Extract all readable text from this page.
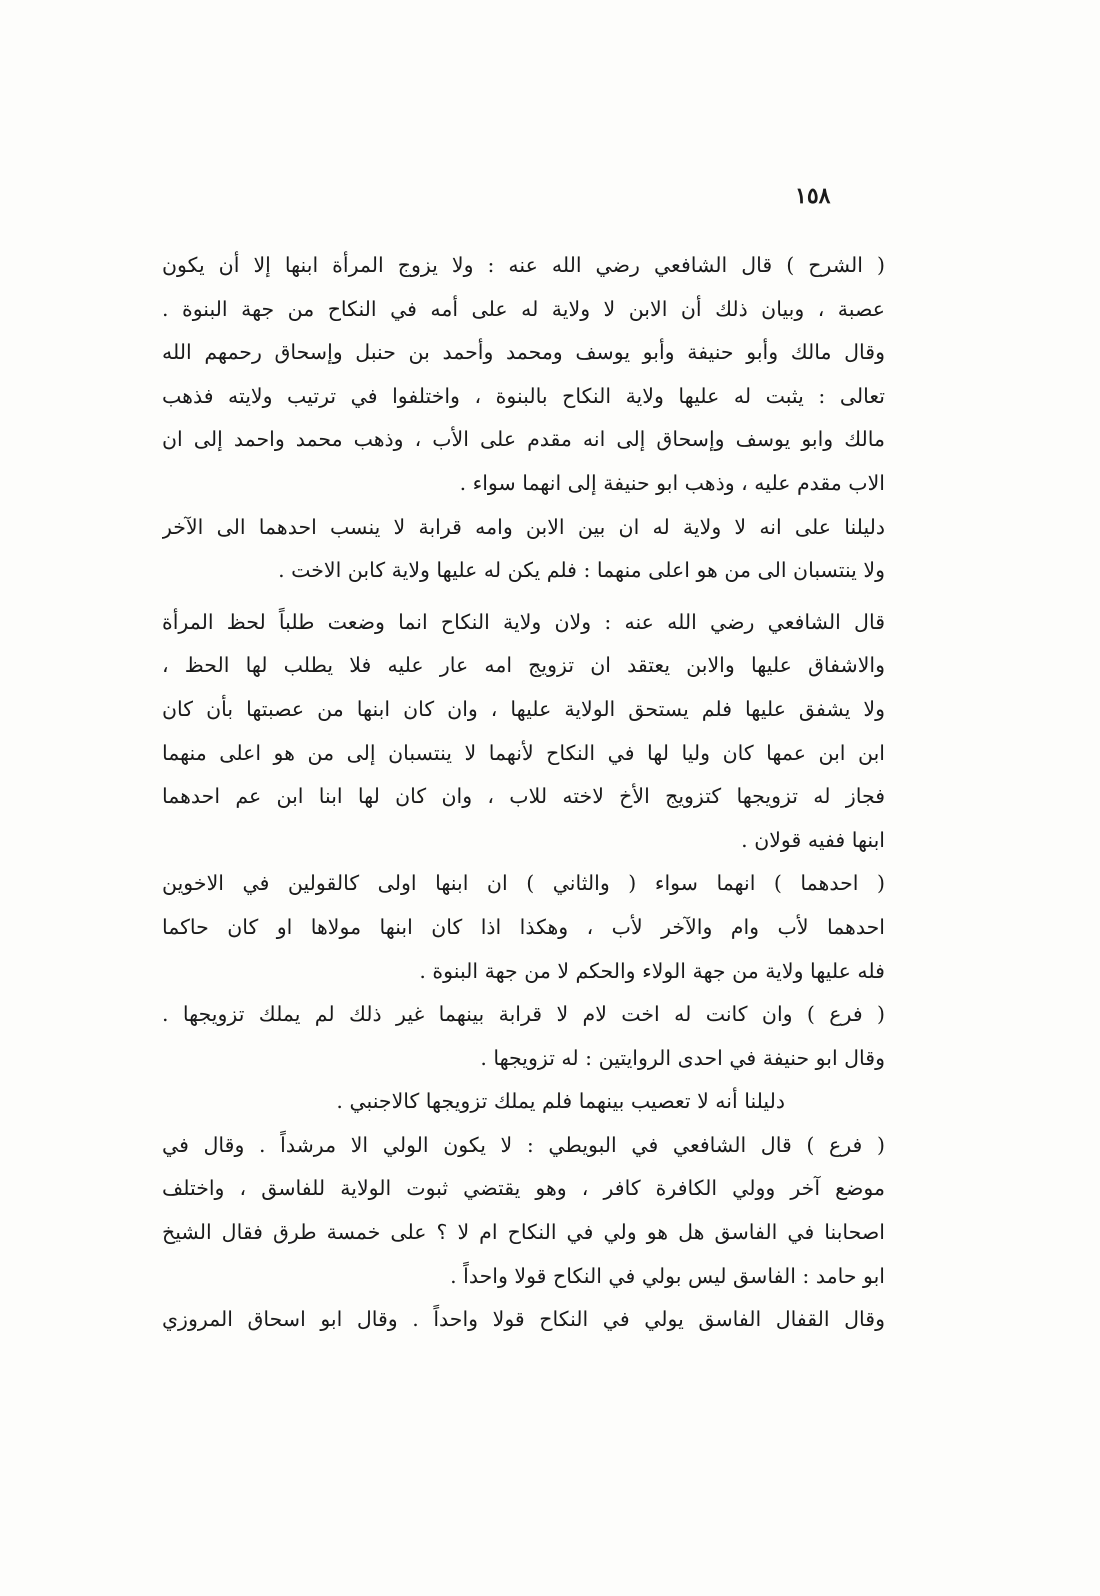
١٥٨
( الشرح ) قال الشافعي رضي الله عنه : ولا يزوج المرأة ابنها إلا أن يكون
عصبة ، وبيان ذلك أن الابن لا ولاية له على أمه في النكاح من جهة البنوة .
وقال مالك وأبو حنيفة وأبو يوسف ومحمد وأحمد بن حنبل وإسحاق رحمهم الله
تعالى : يثبت له عليها ولاية النكاح بالبنوة ، واختلفوا في ترتيب ولايته فذهب
مالك وابو يوسف وإسحاق إلى انه مقدم على الأب ، وذهب محمد واحمد إلى ان
الاب مقدم عليه ، وذهب ابو حنيفة إلى انهما سواء .
دليلنا على انه لا ولاية له ان بين الابن وامه قرابة لا ينسب احدهما الى الآخر
ولا ينتسبان الى من هو اعلى منهما : فلم يكن له عليها ولاية كابن الاخت .
قال الشافعي رضي الله عنه : ولان ولاية النكاح انما وضعت طلباً لحظ المرأة
والاشفاق عليها والابن يعتقد ان تزويج امه عار عليه فلا يطلب لها الحظ ،
ولا يشفق عليها فلم يستحق الولاية عليها ، وان كان ابنها من عصبتها بأن كان
ابن ابن عمها كان وليا لها في النكاح لأنهما لا ينتسبان إلى من هو اعلى منهما
فجاز له تزويجها كتزويج الأخ لاخته للاب ، وان كان لها ابنا ابن عم احدهما
ابنها ففيه قولان .
( احدهما ) انهما سواء ( والثاني ) ان ابنها اولى كالقولين في الاخوين
احدهما لأب وام والآخر لأب ، وهكذا اذا كان ابنها مولاها او كان حاكما
فله عليها ولاية من جهة الولاء والحكم لا من جهة البنوة .
( فرع ) وان كانت له اخت لام لا قرابة بينهما غير ذلك لم يملك تزويجها .
وقال ابو حنيفة في احدى الروايتين : له تزويجها .
دليلنا أنه لا تعصيب بينهما فلم يملك تزويجها كالاجنبي .
( فرع ) قال الشافعي في البويطي : لا يكون الولي الا مرشداً . وقال في
موضع آخر وولي الكافرة كافر ، وهو يقتضي ثبوت الولاية للفاسق ، واختلف
اصحابنا في الفاسق هل هو ولي في النكاح ام لا ؟ على خمسة طرق فقال الشيخ
ابو حامد : الفاسق ليس بولي في النكاح قولا واحداً .
وقال القفال الفاسق يولي في النكاح قولا واحداً . وقال ابو اسحاق المروزي
